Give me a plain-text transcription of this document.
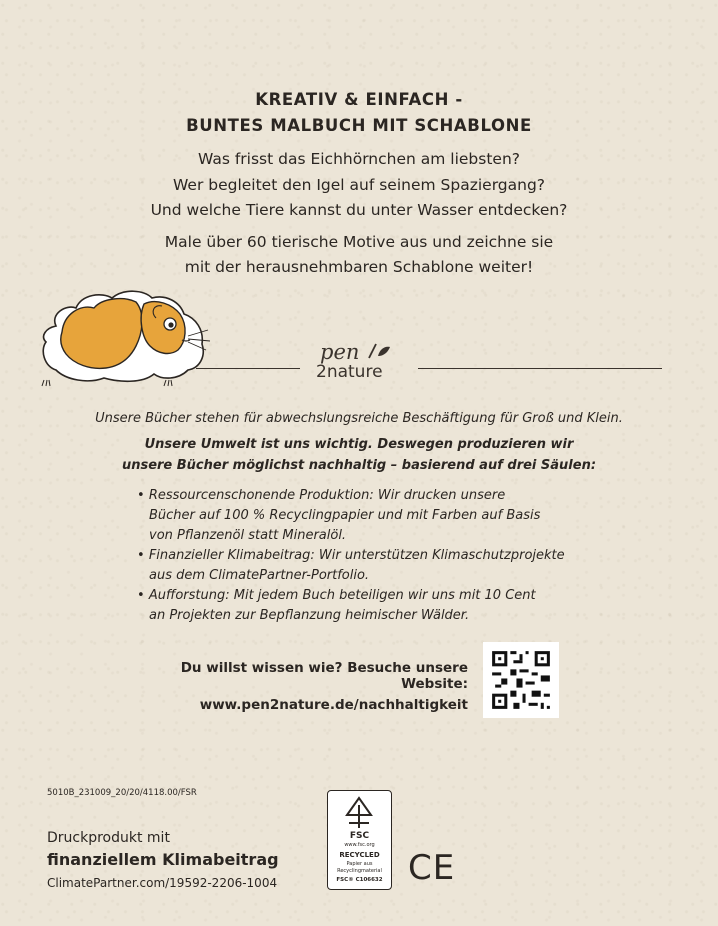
KREATIV & EINFACH -
BUNTES MALBUCH MIT SCHABLONE
Was frisst das Eichhörnchen am liebsten?
Wer begleitet den Igel auf seinem Spaziergang?
Und welche Tiere kannst du unter Wasser entdecken?
Male über 60 tierische Motive aus und zeichne sie
mit der herausnehmbaren Schablone weiter!
pen
2nature
Unsere Bücher stehen für abwechslungsreiche Beschäftigung für Groß und Klein.
Unsere Umwelt ist uns wichtig. Deswegen produzieren wir
unsere Bücher möglichst nachhaltig – basierend auf drei Säulen:
• Ressourcenschonende Produktion: Wir drucken unsere
Bücher auf 100 % Recyclingpapier und mit Farben auf Basis
von Pflanzenöl statt Mineralöl.
• Finanzieller Klimabeitrag: Wir unterstützen Klimaschutzprojekte
aus dem ClimatePartner-Portfolio.
• Aufforstung: Mit jedem Buch beteiligen wir uns mit 10 Cent
an Projekten zur Bepflanzung heimischer Wälder.
Du willst wissen wie? Besuche unsere Website:
www.pen2nature.de/nachhaltigkeit
5010B_231009_20/20/4118.00/FSR
Druckprodukt mit
finanziellem Klimabeitrag
ClimatePartner.com/19592-2206-1004
FSC
www.fsc.org
RECYCLED
Papier aus
Recyclingmaterial
FSC® C106632 CE
